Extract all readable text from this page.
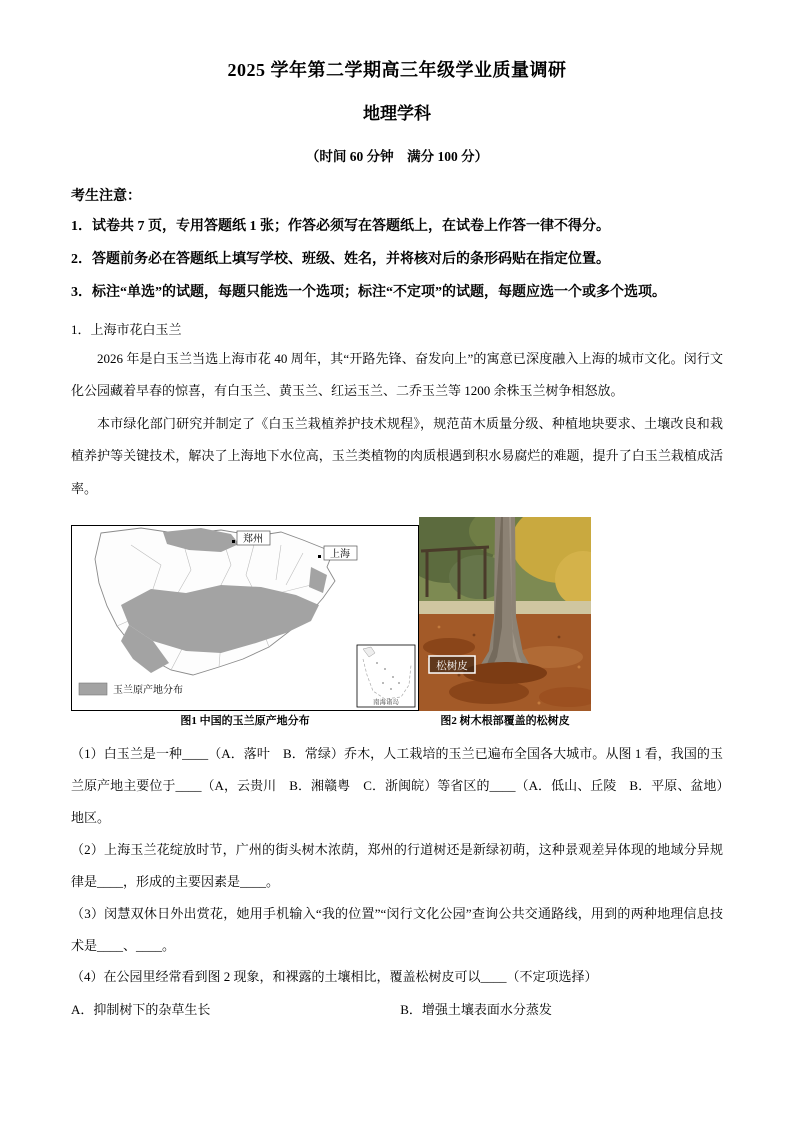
2025 学年第二学期高三年级学业质量调研
地理学科
（时间 60 分钟　满分 100 分）
考生注意：
1．试卷共 7 页，专用答题纸 1 张；作答必须写在答题纸上，在试卷上作答一律不得分。
2．答题前务必在答题纸上填写学校、班级、姓名，并将核对后的条形码贴在指定位置。
3．标注“单选”的试题，每题只能选一个选项；标注“不定项”的试题，每题应选一个或多个选项。
1．上海市花白玉兰

2026 年是白玉兰当选上海市花 40 周年，其“开路先锋、奋发向上”的寓意已深度融入上海的城市文化。闵行文化公园藏着早春的惊喜，有白玉兰、黄玉兰、红运玉兰、二乔玉兰等 1200 余株玉兰树争相怒放。

本市绿化部门研究并制定了《白玉兰栽植养护技术规程》，规范苗木质量分级、种植地块要求、土壤改良和栽植养护等关键技术，解决了上海地下水位高，玉兰类植物的肉质根遇到积水易腐烂的难题，提升了白玉兰栽植成活率。

郑州
上海
玉兰原产地分布
南海诸岛
图1 中国的玉兰原产地分布
松树皮
图2 树木根部覆盖的松树皮

（1）白玉兰是一种____（A．落叶　B．常绿）乔木，人工栽培的玉兰已遍布全国各大城市。从图 1 看，我国的玉兰原产地主要位于____（A，云贵川　B．湘赣粤　C．浙闽皖）等省区的____（A．低山、丘陵　B．平原、盆地）地区。

（2）上海玉兰花绽放时节，广州的街头树木浓荫，郑州的行道树还是新绿初萌，这种景观差异体现的地域分异规律是____，形成的主要因素是____。

（3）闵慧双休日外出赏花，她用手机输入“我的位置”“闵行文化公园”查询公共交通路线，用到的两种地理信息技术是____、____。

（4）在公园里经常看到图 2 现象，和裸露的土壤相比，覆盖松树皮可以____（不定项选择）

A．抑制树下的杂草生长	B．增强土壤表面水分蒸发
